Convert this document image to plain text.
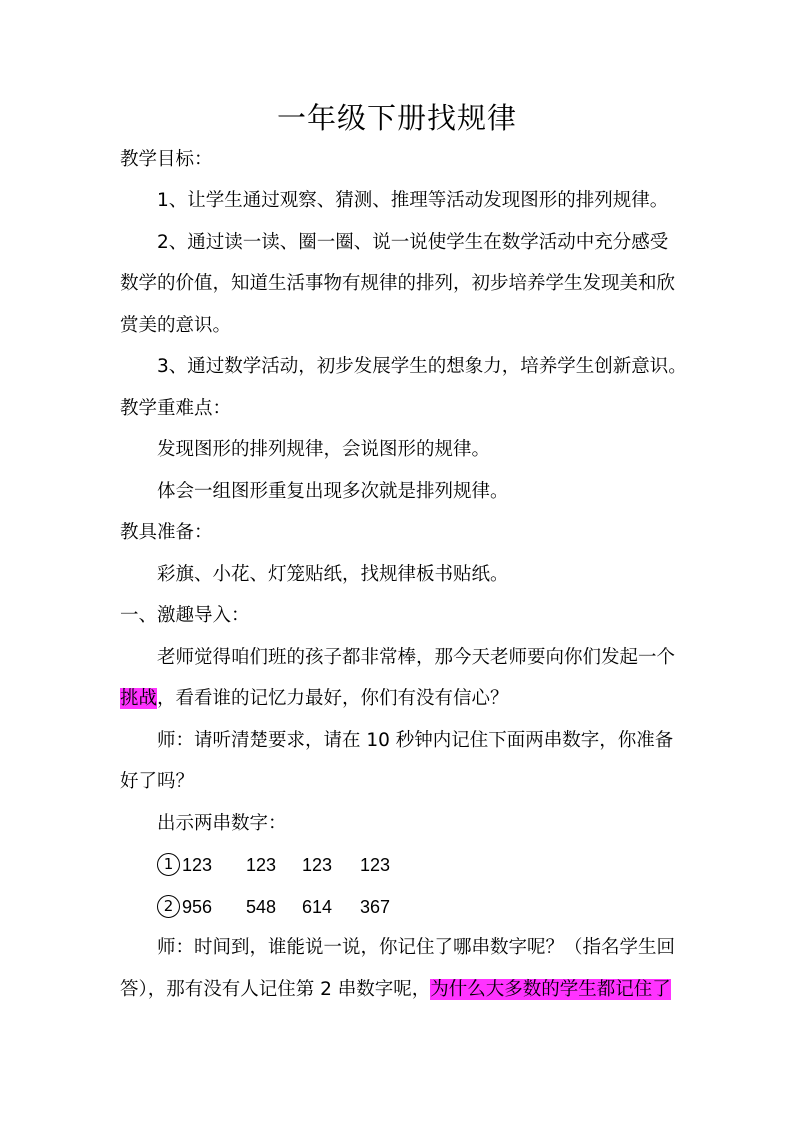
一年级下册找规律
教学目标：
1、让学生通过观察、猜测、推理等活动发现图形的排列规律。
2、通过读一读、圈一圈、说一说使学生在数学活动中充分感受
数学的价值，知道生活事物有规律的排列，初步培养学生发现美和欣
赏美的意识。
3、通过数学活动，初步发展学生的想象力，培养学生创新意识。
教学重难点：
发现图形的排列规律，会说图形的规律。
体会一组图形重复出现多次就是排列规律。
教具准备：
彩旗、小花、灯笼贴纸，找规律板书贴纸。
一、激趣导入：
老师觉得咱们班的孩子都非常棒，那今天老师要向你们发起一个
挑战，看看谁的记忆力最好，你们有没有信心？
师：请听清楚要求，请在 10 秒钟内记住下面两串数字，你准备
好了吗？
出示两串数字：
1 123 123 123 123
2 956 548 614 367
师：时间到，谁能说一说，你记住了哪串数字呢？（指名学生回
答），那有没有人记住第 2 串数字呢，为什么大多数的学生都记住了
